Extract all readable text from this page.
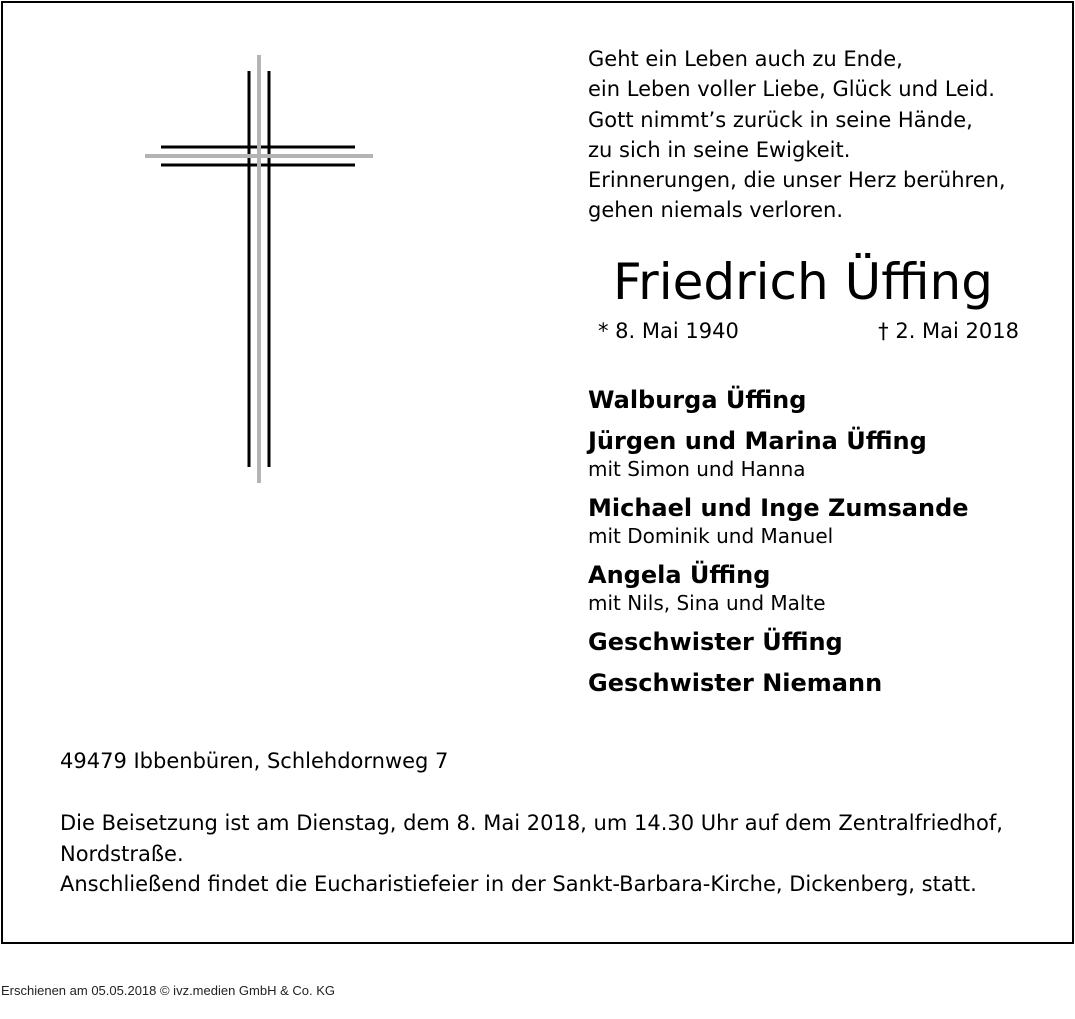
Geht ein Leben auch zu Ende,
ein Leben voller Liebe, Glück und Leid.
Gott nimmt’s zurück in seine Hände,
zu sich in seine Ewigkeit.
Erinnerungen, die unser Herz berühren,
gehen niemals verloren.
Friedrich Üffing
* 8. Mai 1940	† 2. Mai 2018
Walburga Üffing
Jürgen und Marina Üffing
mit Simon und Hanna
Michael und Inge Zumsande
mit Dominik und Manuel
Angela Üffing
mit Nils, Sina und Malte
Geschwister Üffing
Geschwister Niemann
49479 Ibbenbüren, Schlehdornweg 7
Die Beisetzung ist am Dienstag, dem 8. Mai 2018, um 14.30 Uhr auf dem Zentralfriedhof,
Nordstraße.
Anschließend findet die Eucharistiefeier in der Sankt-Barbara-Kirche, Dickenberg, statt.
Erschienen am 05.05.2018 © ivz.medien GmbH & Co. KG
